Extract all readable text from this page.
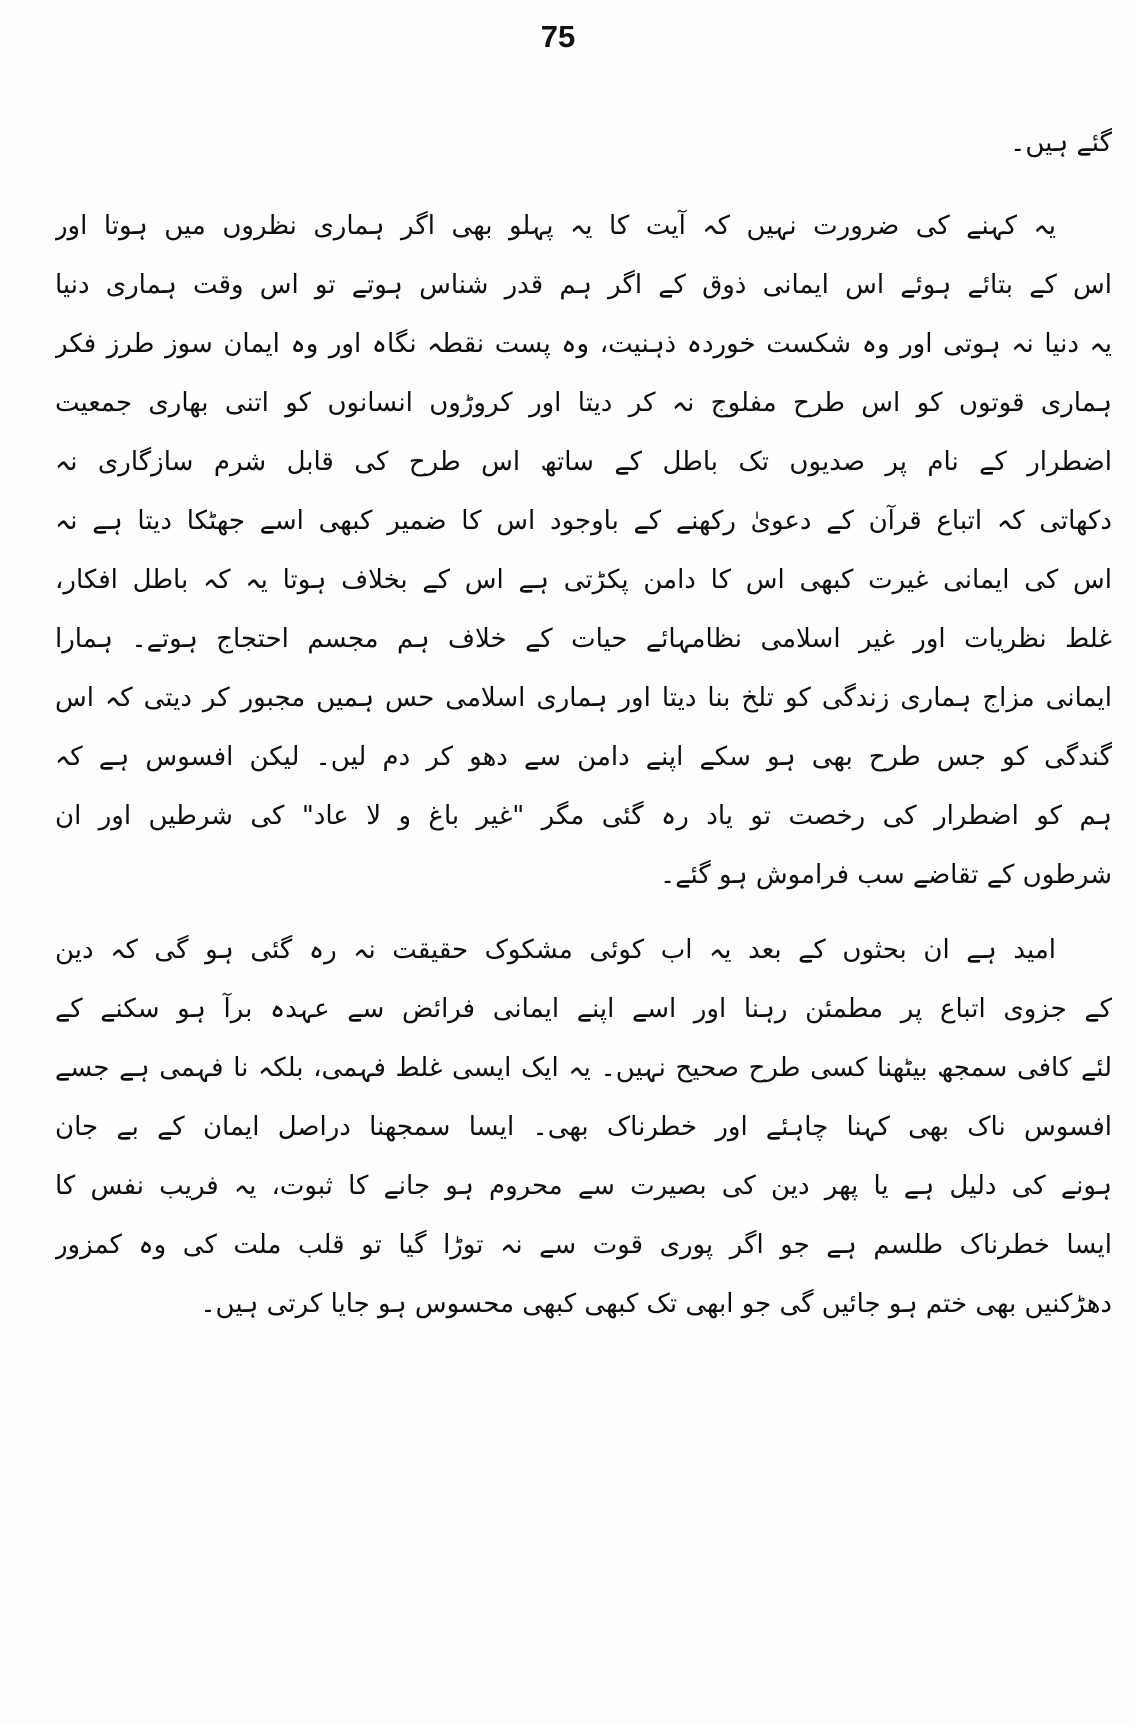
75
گئے ہیں۔
یہ کہنے کی ضرورت نہیں کہ آیت کا یہ پہلو بھی اگر ہماری نظروں میں ہوتا اور
اس کے بتائے ہوئے اس ایمانی ذوق کے اگر ہم قدر شناس ہوتے تو اس وقت ہماری دنیا
یہ دنیا نہ ہوتی اور وہ شکست خوردہ ذہنیت، وہ پست نقطہ نگاہ اور وہ ایمان سوز طرز فکر
ہماری قوتوں کو اس طرح مفلوج نہ کر دیتا اور کروڑوں انسانوں کو اتنی بھاری جمعیت
اضطرار کے نام پر صدیوں تک باطل کے ساتھ اس طرح کی قابل شرم سازگاری نہ
دکھاتی کہ اتباع قرآن کے دعویٰ رکھنے کے باوجود اس کا ضمیر کبھی اسے جھٹکا دیتا ہے نہ
اس کی ایمانی غیرت کبھی اس کا دامن پکڑتی ہے اس کے بخلاف ہوتا یہ کہ باطل افکار،
غلط نظریات اور غیر اسلامی نظامہائے حیات کے خلاف ہم مجسم احتجاج ہوتے۔ ہمارا
ایمانی مزاج ہماری زندگی کو تلخ بنا دیتا اور ہماری اسلامی حس ہمیں مجبور کر دیتی کہ اس
گندگی کو جس طرح بھی ہو سکے اپنے دامن سے دھو کر دم لیں۔ لیکن افسوس ہے کہ
ہم کو اضطرار کی رخصت تو یاد رہ گئی مگر "غیر باغ و لا عاد" کی شرطیں اور ان
شرطوں کے تقاضے سب فراموش ہو گئے۔
امید ہے ان بحثوں کے بعد یہ اب کوئی مشکوک حقیقت نہ رہ گئی ہو گی کہ دین
کے جزوی اتباع پر مطمئن رہنا اور اسے اپنے ایمانی فرائض سے عہدہ برآ ہو سکنے کے
لئے کافی سمجھ بیٹھنا کسی طرح صحیح نہیں۔ یہ ایک ایسی غلط فہمی، بلکہ نا فہمی ہے جسے
افسوس ناک بھی کہنا چاہئے اور خطرناک بھی۔ ایسا سمجھنا دراصل ایمان کے بے جان
ہونے کی دلیل ہے یا پھر دین کی بصیرت سے محروم ہو جانے کا ثبوت، یہ فریب نفس کا
ایسا خطرناک طلسم ہے جو اگر پوری قوت سے نہ توڑا گیا تو قلب ملت کی وہ کمزور
دھڑکنیں بھی ختم ہو جائیں گی جو ابھی تک کبھی کبھی محسوس ہو جایا کرتی ہیں۔
